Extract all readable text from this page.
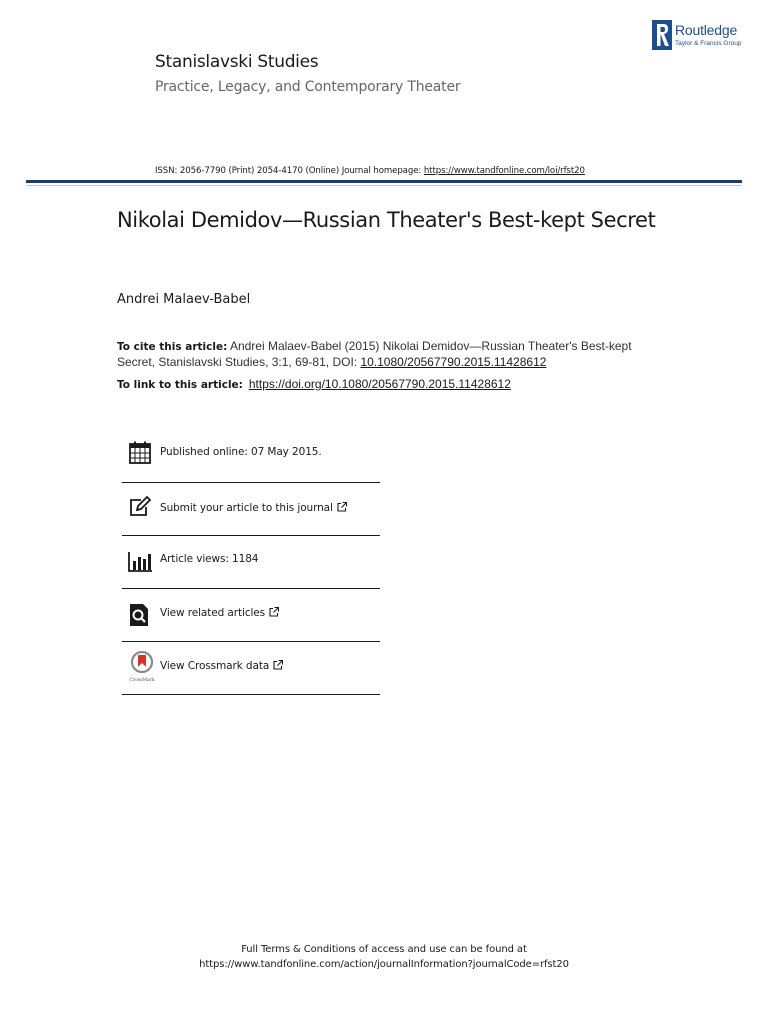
Routledge
Taylor & Francis Group
Stanislavski Studies
Practice, Legacy, and Contemporary Theater
ISSN: 2056-7790 (Print) 2054-4170 (Online) Journal homepage: https://www.tandfonline.com/loi/rfst20
Nikolai Demidov—Russian Theater's Best-kept Secret
Andrei Malaev-Babel
To cite this article: Andrei Malaev-Babel (2015) Nikolai Demidov—Russian Theater's Best-kept Secret, Stanislavski Studies, 3:1, 69-81, DOI: 10.1080/20567790.2015.11428612
To link to this article: https://doi.org/10.1080/20567790.2015.11428612
Published online: 07 May 2015.
Submit your article to this journal
Article views: 1184
View related articles
CrossMark
View Crossmark data
Full Terms & Conditions of access and use can be found at
https://www.tandfonline.com/action/journalInformation?journalCode=rfst20
